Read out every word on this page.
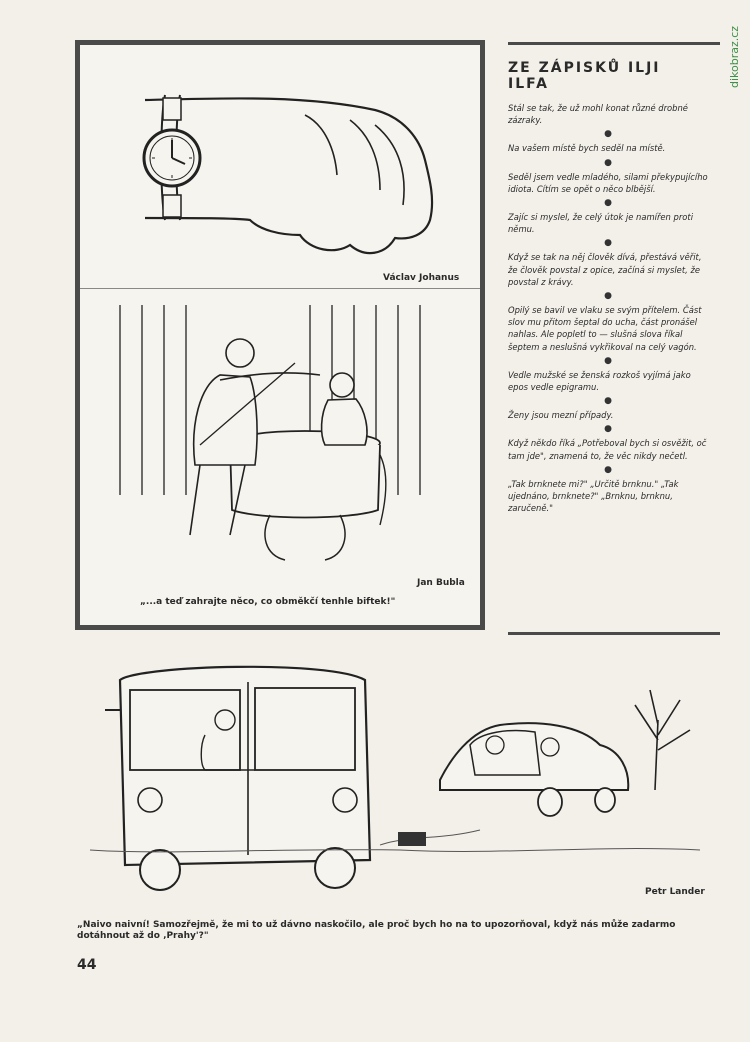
dikobraz.cz
Václav Johanus
Jan Bubla
„...a teď zahrajte něco, co obměkčí tenhle biftek!"
ZE ZÁPISKŮ ILJI ILFA

Stál se tak, že už mohl konat různé drobné zázraky.

●

Na vašem místě bych seděl na místě.

●

Seděl jsem vedle mladého, silami překypujícího idiota. Cítím se opět o něco blbější.

●

Zajíc si myslel, že celý útok je namířen proti němu.

●

Když se tak na něj člověk dívá, přestává věřit, že člověk povstal z opice, začíná si myslet, že povstal z krávy.

●

Opilý se bavil ve vlaku se svým přítelem. Část slov mu přitom šeptal do ucha, část pronášel nahlas. Ale popletl to — slušná slova říkal šeptem a neslušná vykřikoval na celý vagón.

●

Vedle mužské se ženská rozkoš vyjímá jako epos vedle epigramu.

●

Ženy jsou mezní případy.

●

Když někdo říká „Potřeboval bych si osvěžit, oč tam jde", znamená to, že věc nikdy nečetl.

●

„Tak brnknete mi?" „Určitě brnknu." „Tak ujednáno, brnknete?" „Brnknu, brnknu, zaručeně."

Petr Lander
„Naivo naivní! Samozřejmě, že mi to už dávno naskočilo, ale proč bych ho na to upozorňoval, když nás může zadarmo dotáhnout až do ‚Prahy'?"
44
